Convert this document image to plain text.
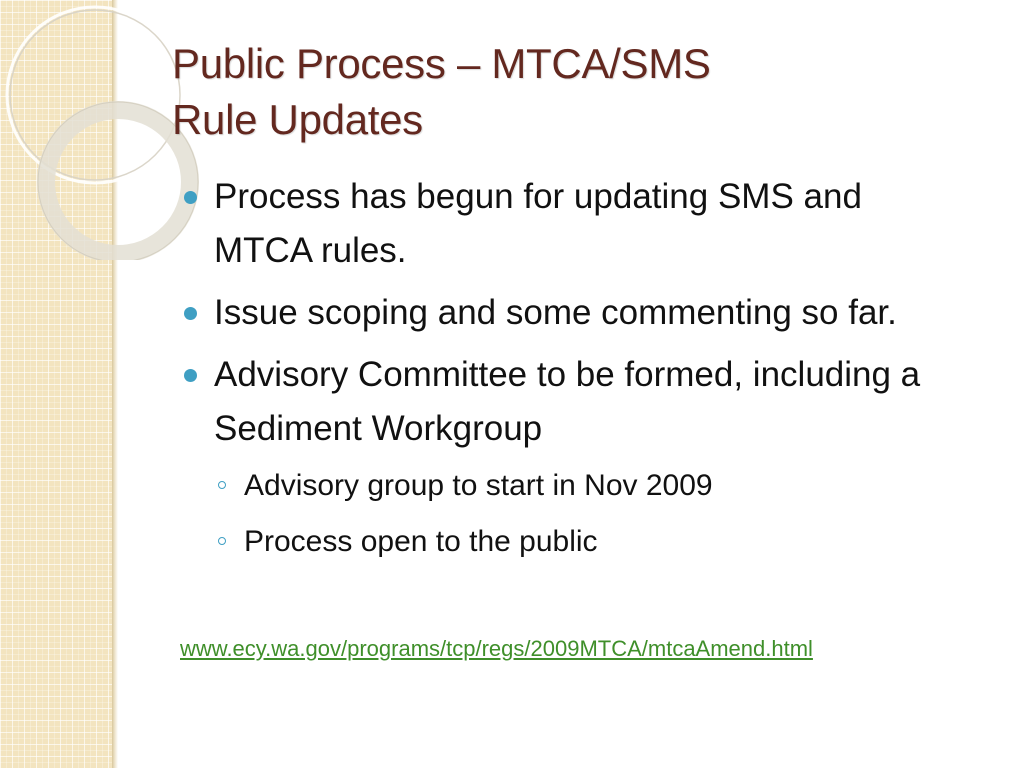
Public Process – MTCA/SMS
Rule Updates
Process has begun for updating SMS and MTCA rules.
Issue scoping and some commenting so far.
Advisory Committee to be formed, including a Sediment Workgroup
Advisory group to start in Nov 2009
Process open to the public
www.ecy.wa.gov/programs/tcp/regs/2009MTCA/mtcaAmend.html
